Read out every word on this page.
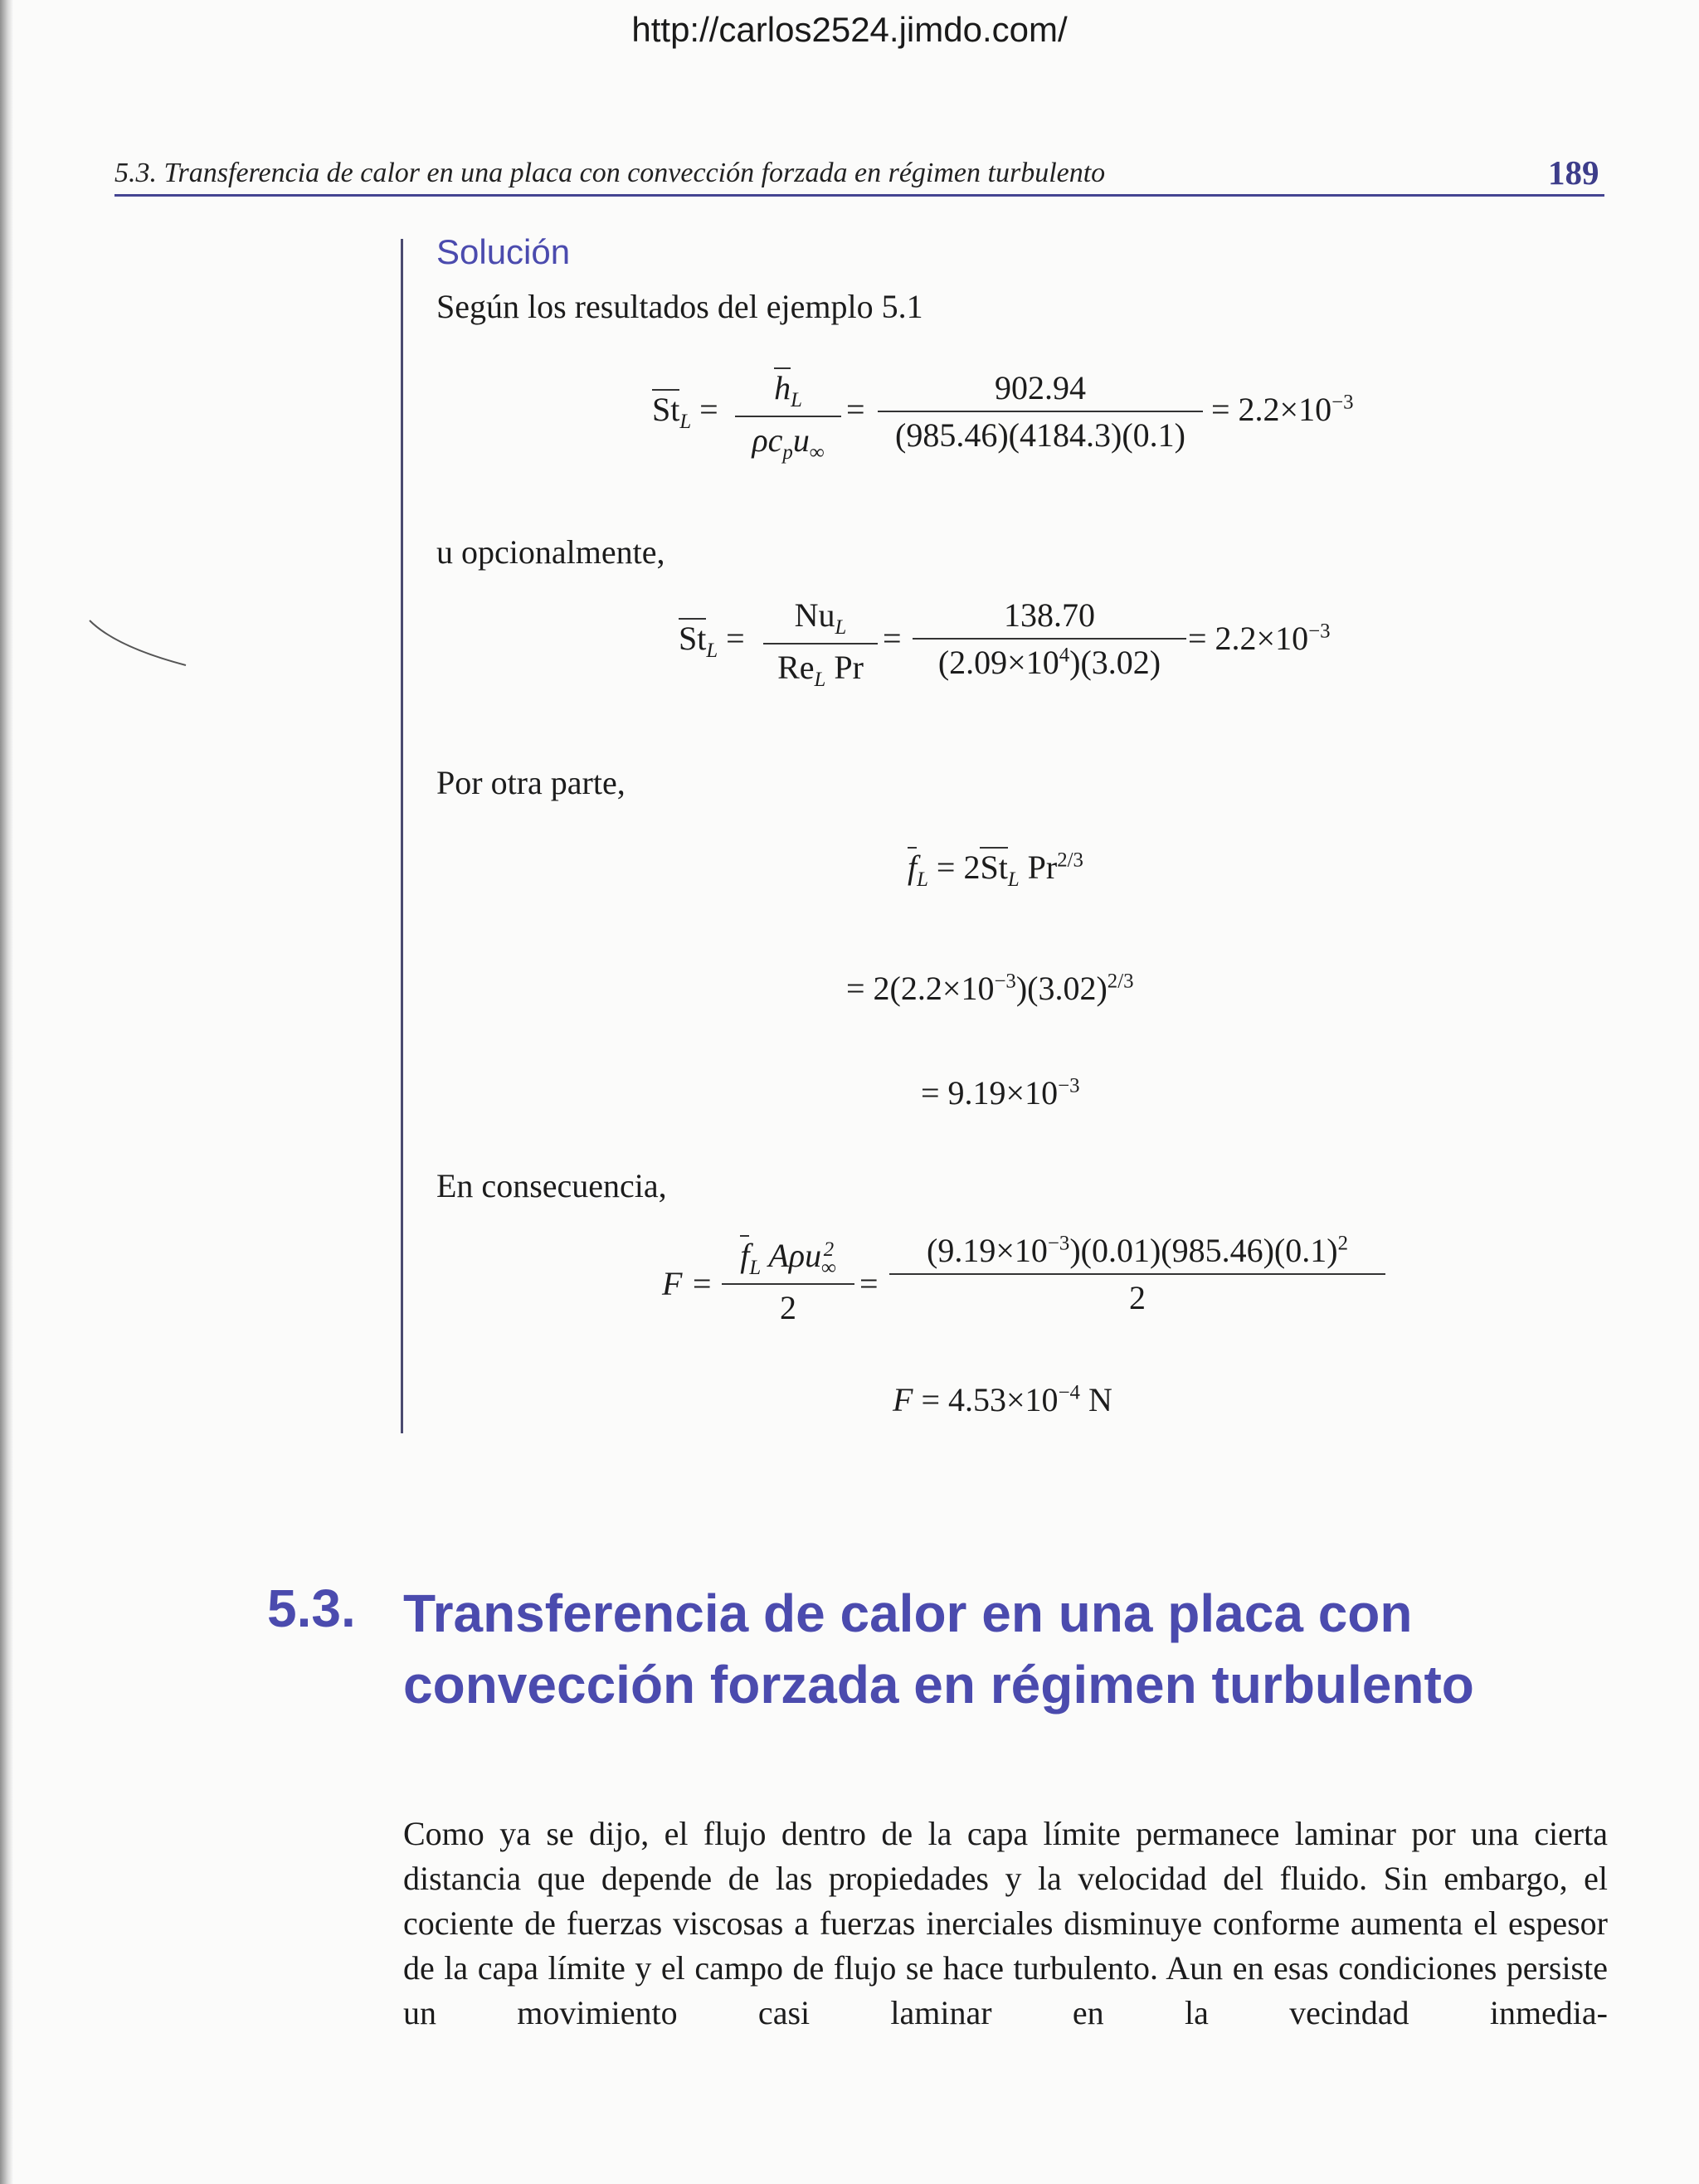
http://carlos2524.jimdo.com/
5.3. Transferencia de calor en una placa con convección forzada en régimen turbulento	189
Solución
Según los resultados del ejemplo 5.1
$St_L$ =
$h_L$
$\rho c_pu_\infty$
=
902.94
(985.46)(4184.3)(0.1)
= $2.2\times 10^{-3}$
u opcionalmente,
$St_L$ =
$Nu_L$
$Re_L$ Pr
=
138.70
$(2.09\times 10^4)(3.02)$
= $2.2\times 10^{-3}$
Por otra parte,
$f_L = 2St_L$ $Pr^{2/3}$
= $2(2.2\times 10^{-3})(3.02)^{2/3}$
= $9.19\times 10^{-3}$
En consecuencia,
F =
$f_L$ Aρu 2
∞
2
=
$(9.19\times 10^{-3})(0.01)(985.46)(0.1)^2$
2
$F = 4.53\times 10^{-4}$ N
5.3. Transferencia de calor en una placa con convección forzada en régimen turbulento
Como ya se dijo, el flujo dentro de la capa límite permanece laminar por una cierta distancia que depende de las propiedades y la velocidad del fluido. Sin embargo, el cociente de fuerzas viscosas a fuerzas inerciales disminuye conforme aumenta el espesor de la capa límite y el campo de flujo se hace turbulento. Aun en esas condiciones persiste un movimiento casi laminar en la vecindad inmedia-
